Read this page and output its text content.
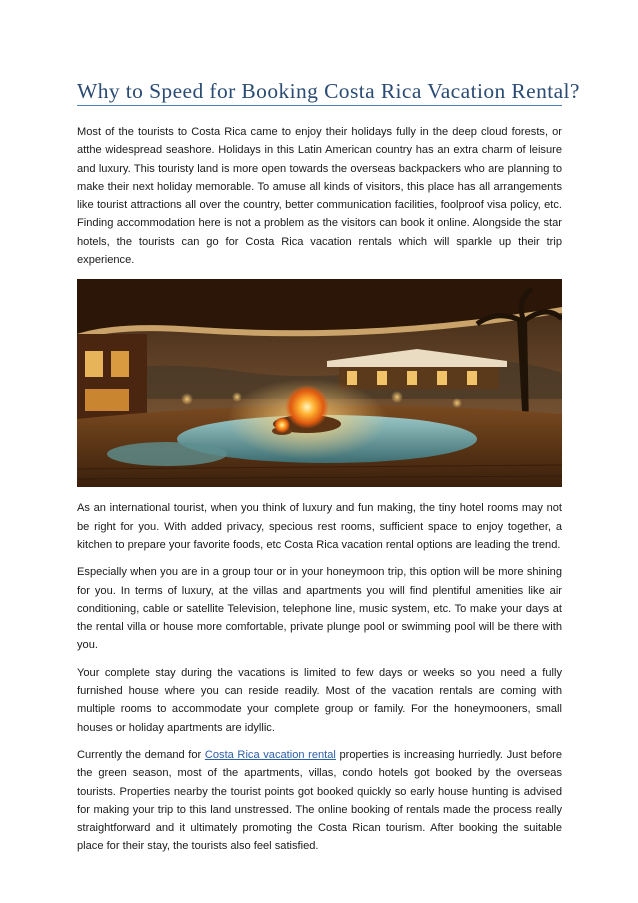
Why to Speed for Booking Costa Rica Vacation Rental?

Most of the tourists to Costa Rica came to enjoy their holidays fully in the deep cloud forests, or atthe widespread seashore. Holidays in this Latin American country has an extra charm of leisure and luxury. This touristy land is more open towards the overseas backpackers who are planning to make their next holiday memorable. To amuse all kinds of visitors, this place has all arrangements like tourist attractions all over the country, better communication facilities, foolproof visa policy, etc. Finding accommodation here is not a problem as the visitors can book it online. Alongside the star hotels, the tourists can go for Costa Rica vacation rentals which will sparkle up their trip experience.

As an international tourist, when you think of luxury and fun making, the tiny hotel rooms may not be right for you. With added privacy, specious rest rooms, sufficient space to enjoy together, a kitchen to prepare your favorite foods, etc Costa Rica vacation rental options are leading the trend.

Especially when you are in a group tour or in your honeymoon trip, this option will be more shining for you. In terms of luxury, at the villas and apartments you will find plentiful amenities like air conditioning, cable or satellite Television, telephone line, music system, etc. To make your days at the rental villa or house more comfortable, private plunge pool or swimming pool will be there with you.

Your complete stay during the vacations is limited to few days or weeks so you need a fully furnished house where you can reside readily. Most of the vacation rentals are coming with multiple rooms to accommodate your complete group or family. For the honeymooners, small houses or holiday apartments are idyllic.

Currently the demand for Costa Rica vacation rental properties is increasing hurriedly. Just before the green season, most of the apartments, villas, condo hotels got booked by the overseas tourists. Properties nearby the tourist points got booked quickly so early house hunting is advised for making your trip to this land unstressed. The online booking of rentals made the process really straightforward and it ultimately promoting the Costa Rican tourism. After booking the suitable place for their stay, the tourists also feel satisfied.
